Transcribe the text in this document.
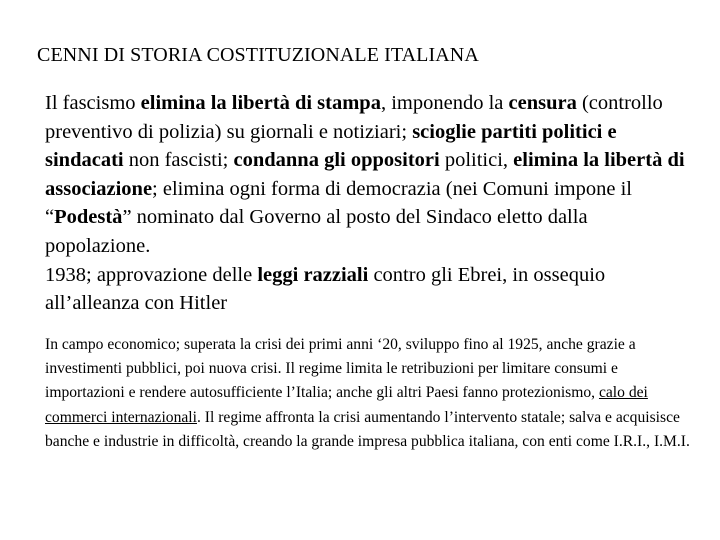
CENNI DI STORIA COSTITUZIONALE ITALIANA

Il fascismo elimina la libertà di stampa, imponendo la censura (controllo preventivo di polizia) su giornali e notiziari; scioglie partiti politici e sindacati non fascisti; condanna gli oppositori politici, elimina la libertà di associazione; elimina ogni forma di democrazia (nei Comuni impone il “Podestà” nominato dal Governo al posto del Sindaco eletto dalla popolazione.

1938; approvazione delle leggi razziali contro gli Ebrei, in ossequio all’alleanza con Hitler

In campo economico; superata la crisi dei primi anni ‘20, sviluppo fino al 1925, anche grazie a investimenti pubblici, poi nuova crisi. Il regime limita le retribuzioni per limitare consumi e importazioni e rendere autosufficiente l’Italia; anche gli altri Paesi fanno protezionismo, calo dei commerci internazionali. Il regime affronta la crisi aumentando l’intervento statale; salva e acquisisce banche e industrie in difficoltà, creando la grande impresa pubblica italiana, con enti come I.R.I., I.M.I.
